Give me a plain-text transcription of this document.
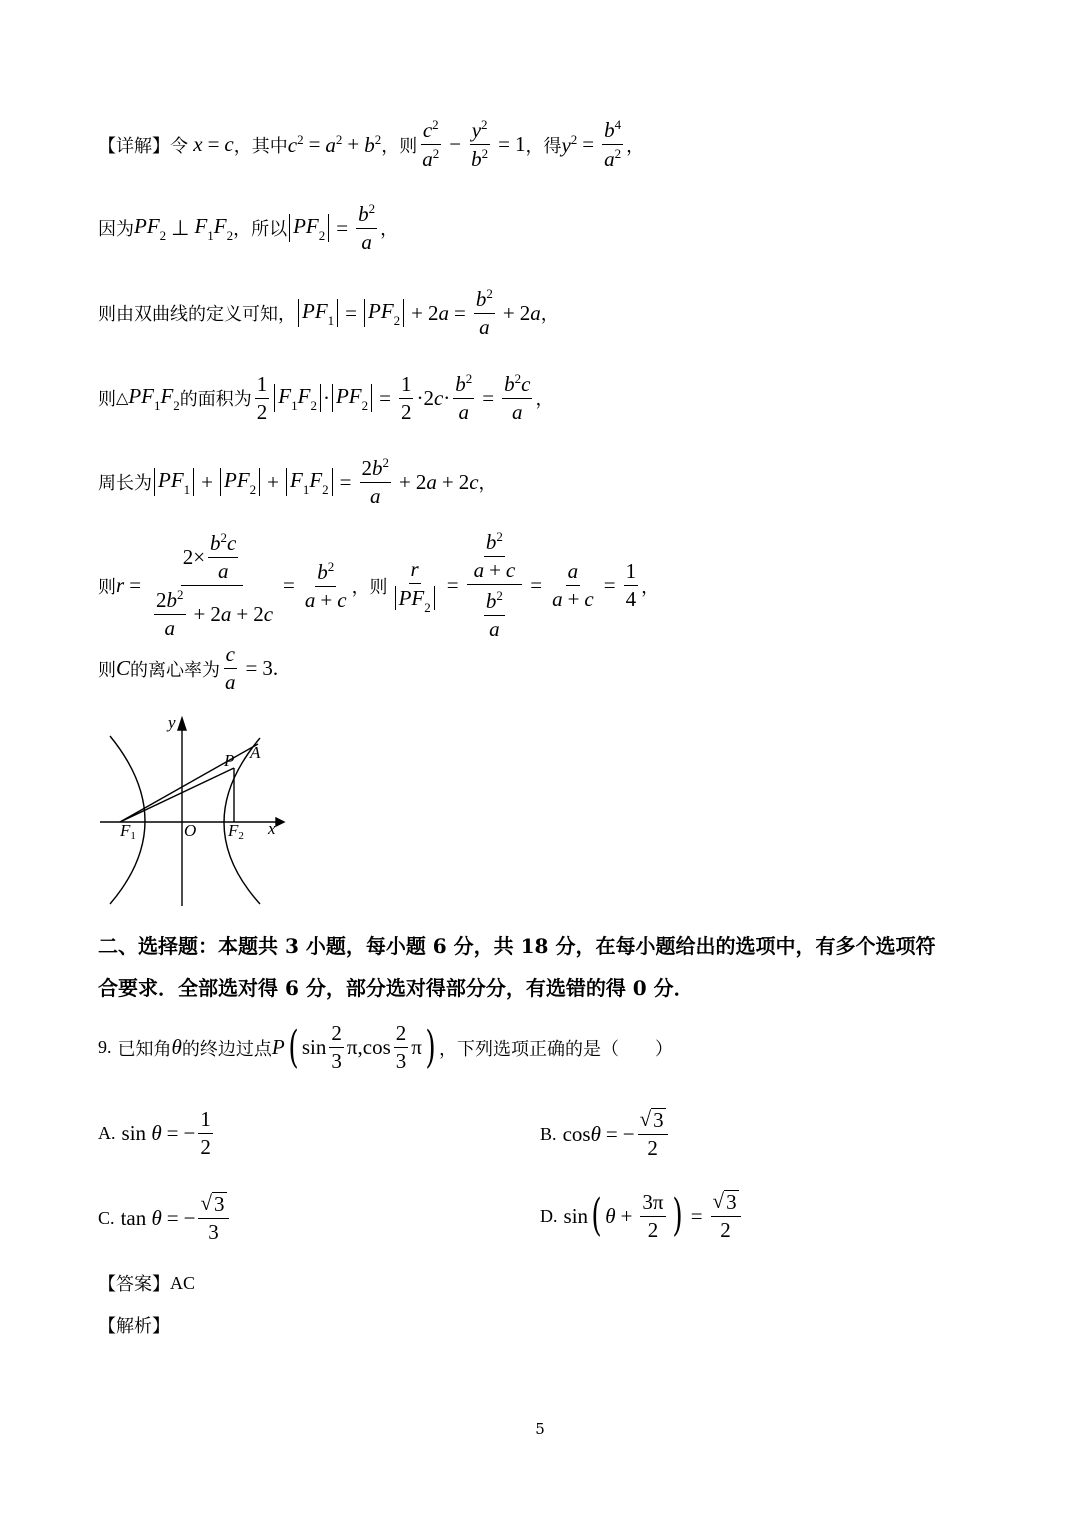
【详解】 令 x = c ，其中 $c^2 = a^2 + b^2$ ，则 $\frac{c^2}{a^2} - \frac{y^2}{b^2} = 1$ ，得 $y^2 = \frac{b^4}{a^2}$ ，
因为 $PF_2$ ⊥ $F_1F_2$ ，所以 $PF_2 = \frac{b^2}{a}$ ，
则由双曲线的定义可知， $PF_1 = PF_2 + 2$ $a = \frac{b^2}{a} + 2$ a ，
则 △ $PF_1F_2$ 的面积为 $\frac{1}{2} F_1F_2 \cdot PF_2 = \frac{1}{2} \cdot 2$ $c \cdot \frac{b^2}{a} = \frac{b^2c}{a}$ ，
周长为 $PF_1 + PF_2 + F_1F_2 = \frac{2b^2}{a} + 2$ a + 2 c ，
则 $r = \frac{2\times \frac{b^2c}{a}}{\frac{2b^2}{a} + 2 a + 2 c} = \frac{b^2}{a + c}$ ，则 $\frac{r}{PF_2} = \frac{\frac{b^2}{a + c}}{\frac{b^2}{a}} = \frac{a}{a + c} = \frac{1}{4}$ ，
则 C 的离心率为 $\frac{c}{a} = 3$ .
y
x
O
P A
F1	F2
二、选择题：本题共 3 小题，每小题 6 分，共 18 分，在每小题给出的选项中，有多个选项符
合要求．全部选对得 6 分，部分选对得部分分，有选错的得 0 分．
9.
已知角 θ 的终边过点 P ( $\sin \frac{2}{3} \pi$, $\cos \frac{2}{3}$ π ) ，下列选项正确的是（　　）
A.
sin θ = − $\frac{1}{2}$	B.
cos θ = − $\frac{√ 3}{2}$
C.
tan θ = − $\frac{√ 3}{3}$	D.
sin ( $\theta + \frac{3\pi}{2}$ ) = $\frac{√ 3}{2}$
【答案】 AC
【解析】
5
